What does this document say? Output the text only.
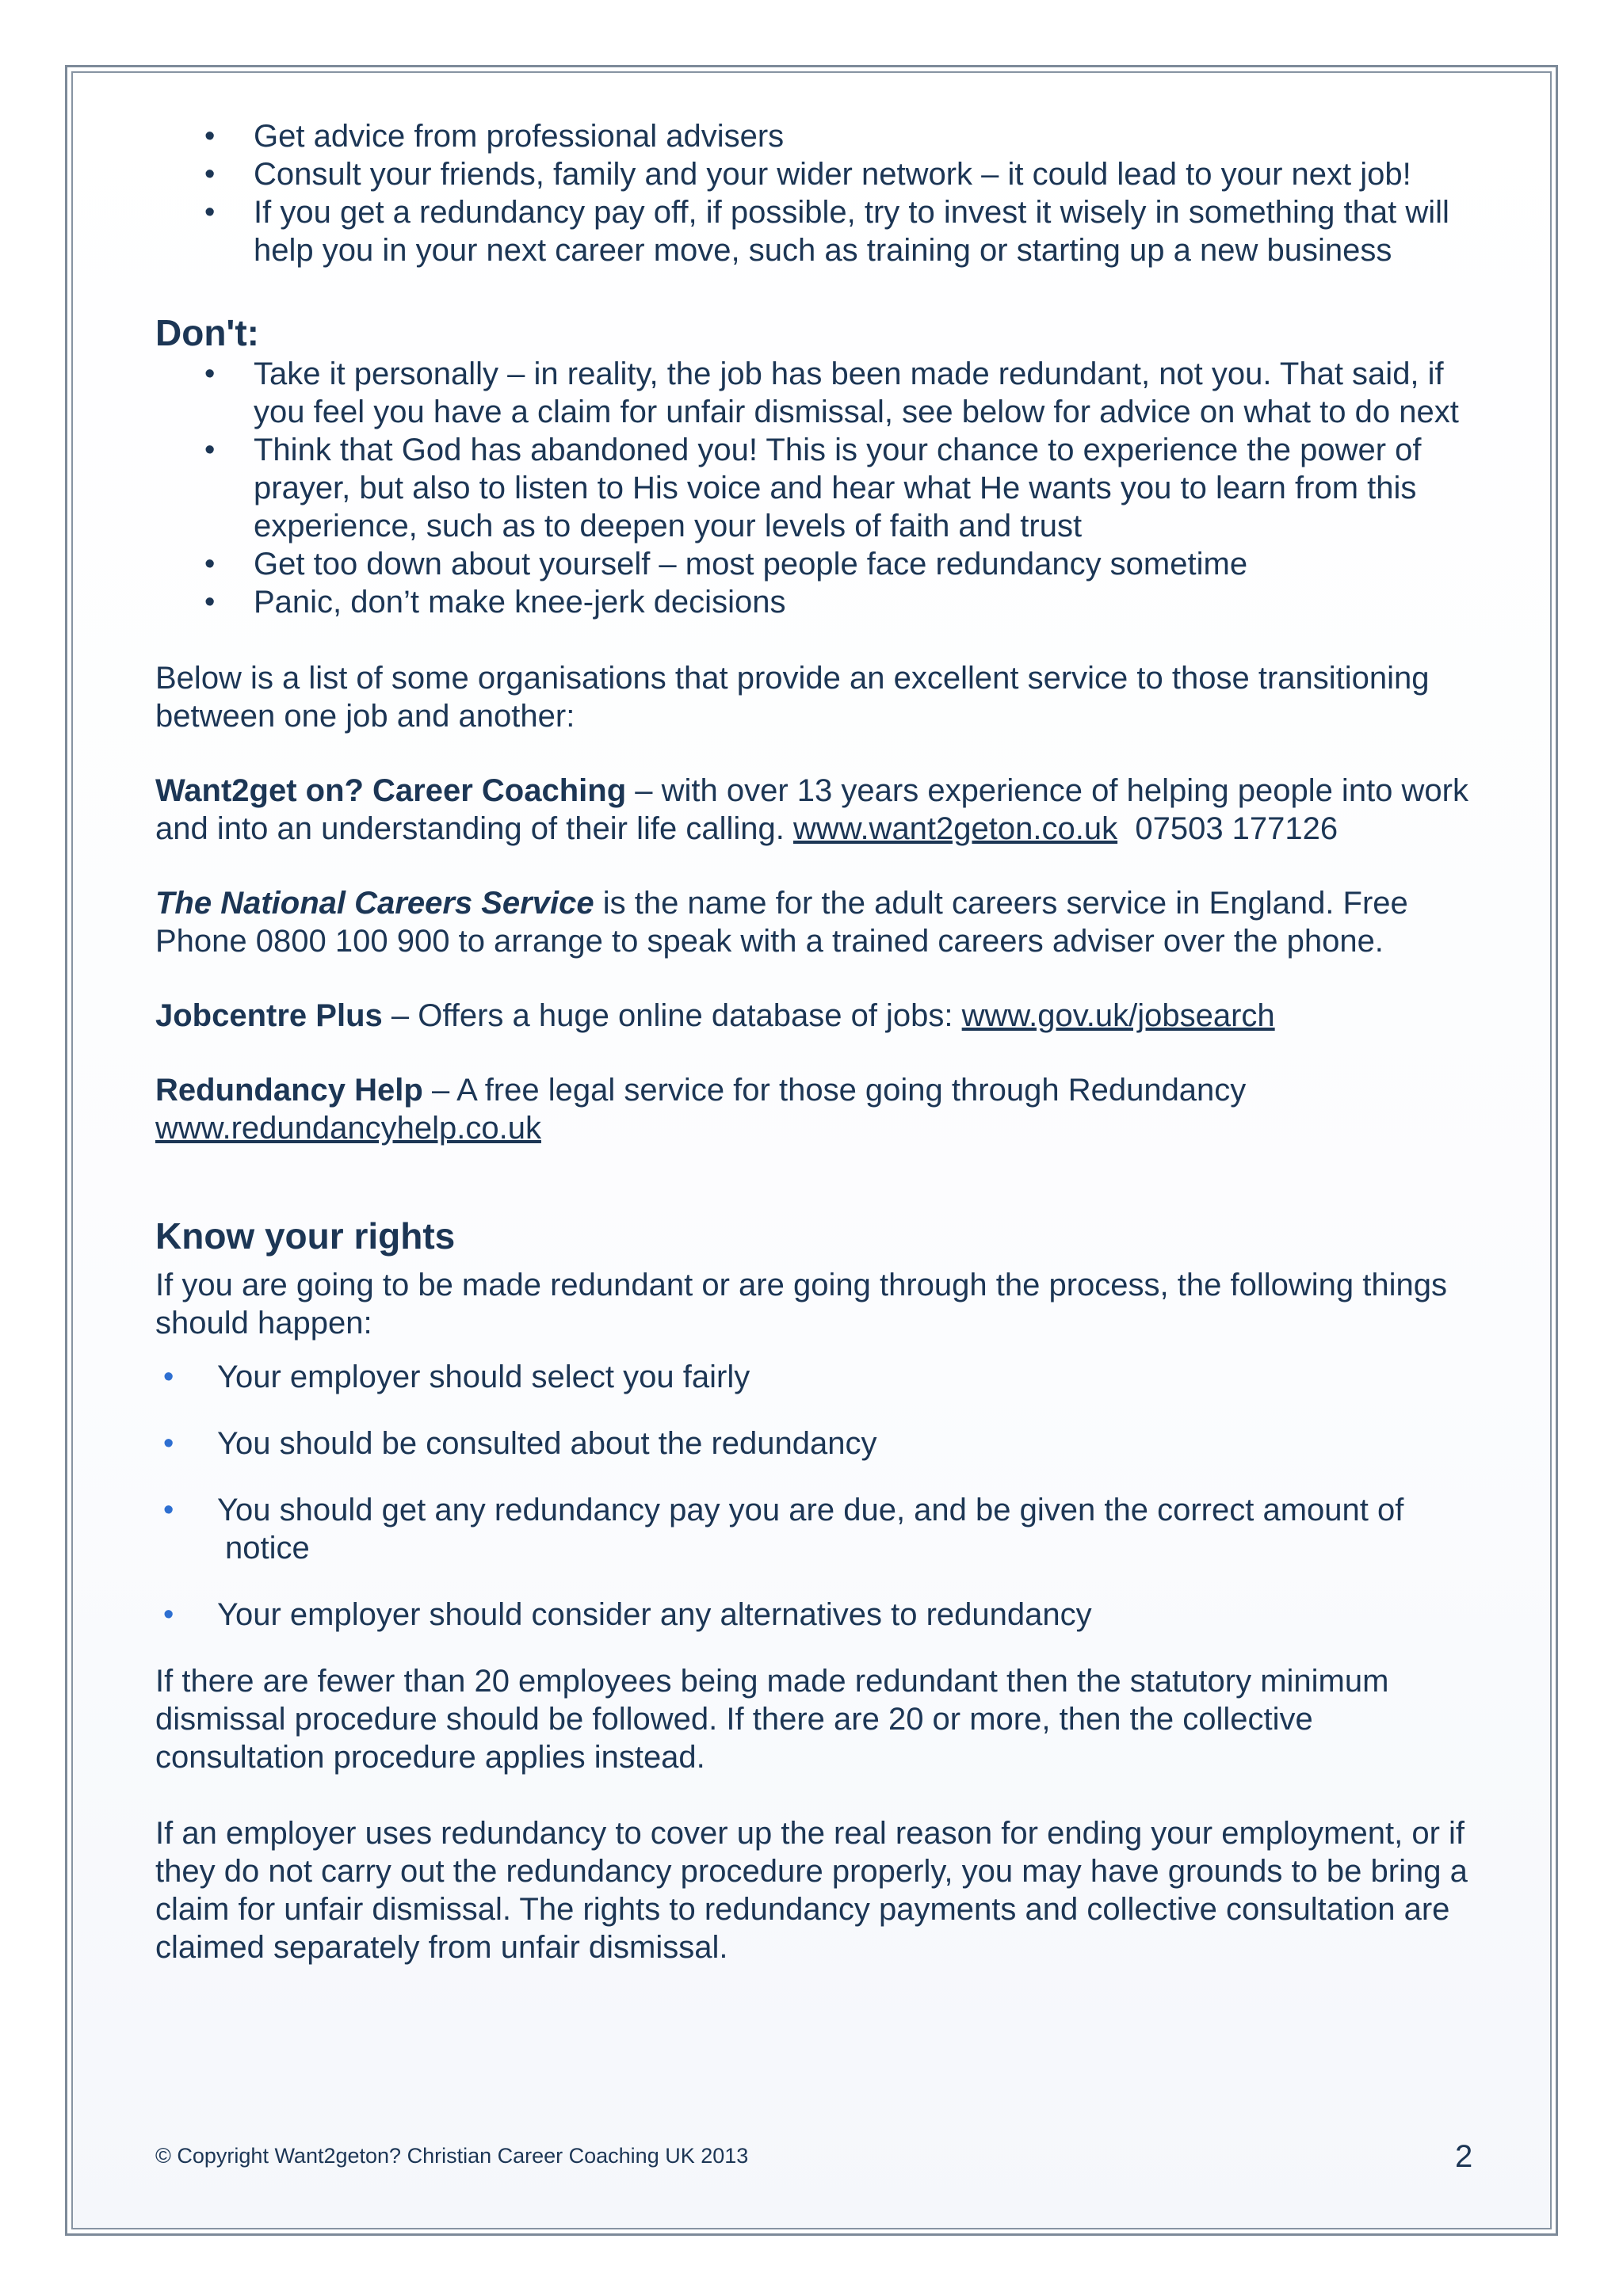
• Get advice from professional advisers
• Consult your friends, family and your wider network – it could lead to your next job!
• If you get a redundancy pay off, if possible, try to invest it wisely in something that will help you in your next career move, such as training or starting up a new business
Don't:
• Take it personally – in reality, the job has been made redundant, not you. That said, if you feel you have a claim for unfair dismissal, see below for advice on what to do next
• Think that God has abandoned you! This is your chance to experience the power of prayer, but also to listen to His voice and hear what He wants you to learn from this experience, such as to deepen your levels of faith and trust
• Get too down about yourself – most people face redundancy sometime
• Panic, don’t make knee-jerk decisions

Below is a list of some organisations that provide an excellent service to those transitioning between one job and another:

Want2get on? Career Coaching – with over 13 years experience of helping people into work and into an understanding of their life calling. www.want2geton.co.uk  07503 177126

The National Careers Service is the name for the adult careers service in England. Free Phone 0800 100 900 to arrange to speak with a trained careers adviser over the phone.

Jobcentre Plus – Offers a huge online database of jobs: www.gov.uk/jobsearch

Redundancy Help – A free legal service for those going through Redundancy
www.redundancyhelp.co.uk

Know your rights

If you are going to be made redundant or are going through the process, the following things should happen:

• Your employer should select you fairly
• You should be consulted about the redundancy
• You should get any redundancy pay you are due, and be given the correct amount of
notice
• Your employer should consider any alternatives to redundancy

If there are fewer than 20 employees being made redundant then the statutory minimum dismissal procedure should be followed. If there are 20 or more, then the collective consultation procedure applies instead.

If an employer uses redundancy to cover up the real reason for ending your employment, or if they do not carry out the redundancy procedure properly, you may have grounds to be bring a claim for unfair dismissal. The rights to redundancy payments and collective consultation are claimed separately from unfair dismissal.

© Copyright Want2geton? Christian Career Coaching UK 2013	2
